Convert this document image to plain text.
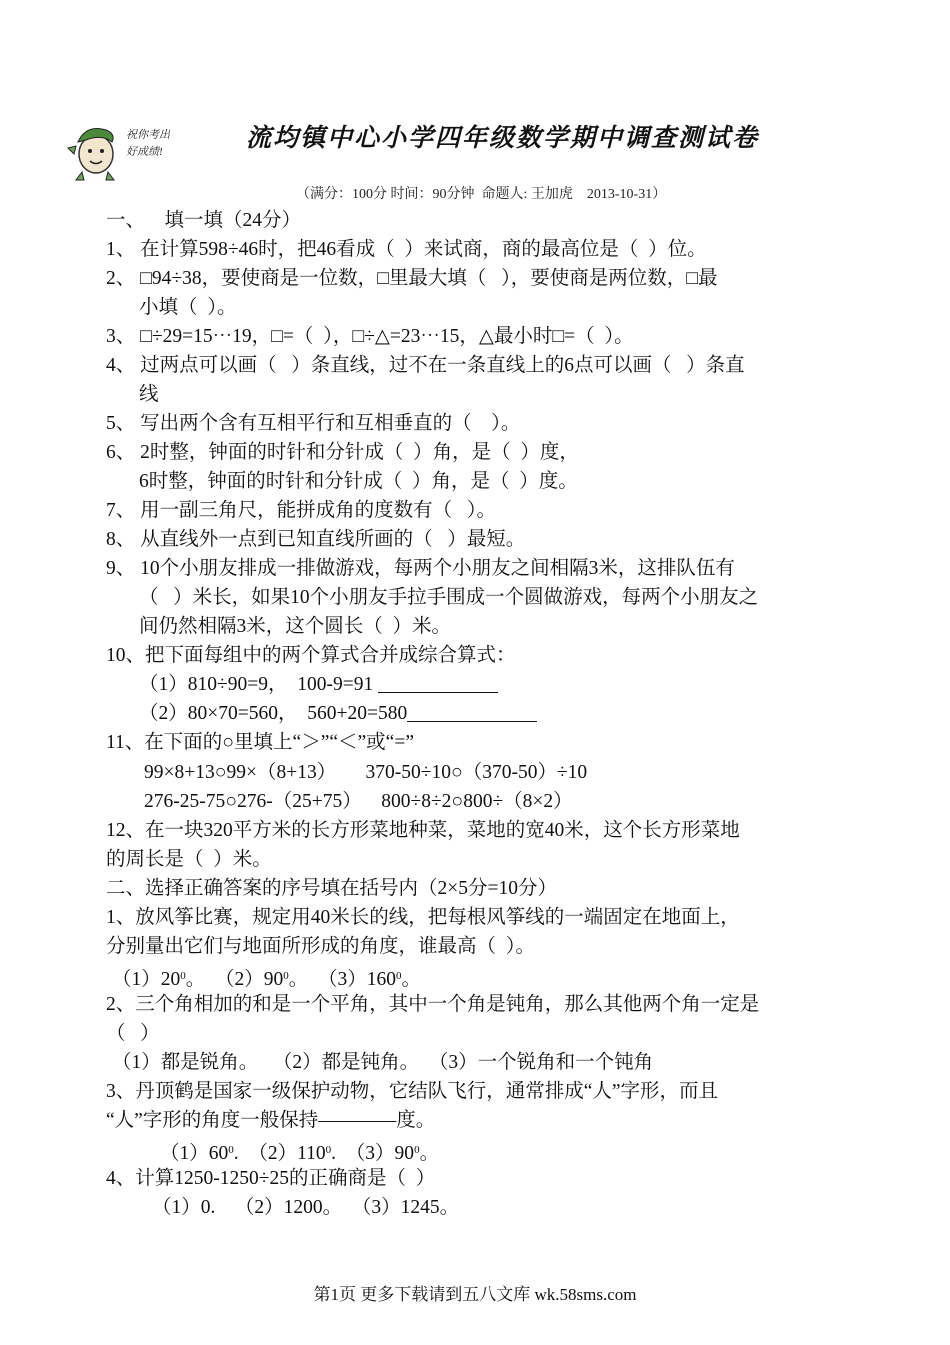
祝你考出
好成绩!	流均镇中心小学四年级数学期中调查测试卷
（满分：100分 时间：90分钟  命题人: 王加虎    2013-10-31）
一、    填一填（24分）
1、 在计算598÷46时，把46看成（  ）来试商，商的最高位是（  ）位。
2、 □94÷38，要使商是一位数，□里最大填（   ），要使商是两位数，□最
小填（  ）。
3、 □÷29=15⋯19，□=（  ），□÷△=23⋯15，△最小时□=（  ）。
4、 过两点可以画（   ）条直线，过不在一条直线上的6点可以画（   ）条直
线
5、 写出两个含有互相平行和互相垂直的（    ）。
6、 2时整，钟面的时针和分针成（  ）角，是（  ）度，
6时整，钟面的时针和分针成（  ）角，是（  ）度。
7、 用一副三角尺，能拼成角的度数有（   ）。
8、 从直线外一点到已知直线所画的（   ）最短。
9、 10个小朋友排成一排做游戏，每两个小朋友之间相隔3米，这排队伍有
（   ）米长，如果10个小朋友手拉手围成一个圆做游戏，每两个小朋友之
间仍然相隔3米，这个圆长（  ）米。
10、把下面每组中的两个算式合并成综合算式：
（1）810÷90=9，  100-9=91
（2）80×70=560，  560+20=580
11、在下面的○里填上“＞”“＜”或“=”
99×8+13○99×（8+13）      370-50÷10○（370-50）÷10
276-25-75○276-（25+75）    800÷8÷2○800÷（8×2）
12、在一块320平方米的长方形菜地种菜，菜地的宽40米，这个长方形菜地
的周长是（  ）米。
二、选择正确答案的序号填在括号内（2×5分=10分）
1、放风筝比赛，规定用40米长的线，把每根风筝线的一端固定在地面上，
分别量出它们与地面所形成的角度，谁最高（  ）。
$(1)20^0$。  $(2)90^0$。  $(3)160^0$。
2、三个角相加的和是一个平角，其中一个角是钝角，那么其他两个角一定是
（   ）
（1）都是锐角。   （2）都是钝角。  （3）一个锐角和一个钝角
3、丹顶鹤是国家一级保护动物，它结队飞行，通常排成“人”字形，而且
“人”字形的角度一般保持————度。
$(1)60^0$.  $(2)110^0$.  $(3)90^0$。
4、计算1250-1250÷25的正确商是（  ）
（1）0.    （2）1200。  （3）1245。
第1页 更多下载请到五八文库 wk.58sms.com
